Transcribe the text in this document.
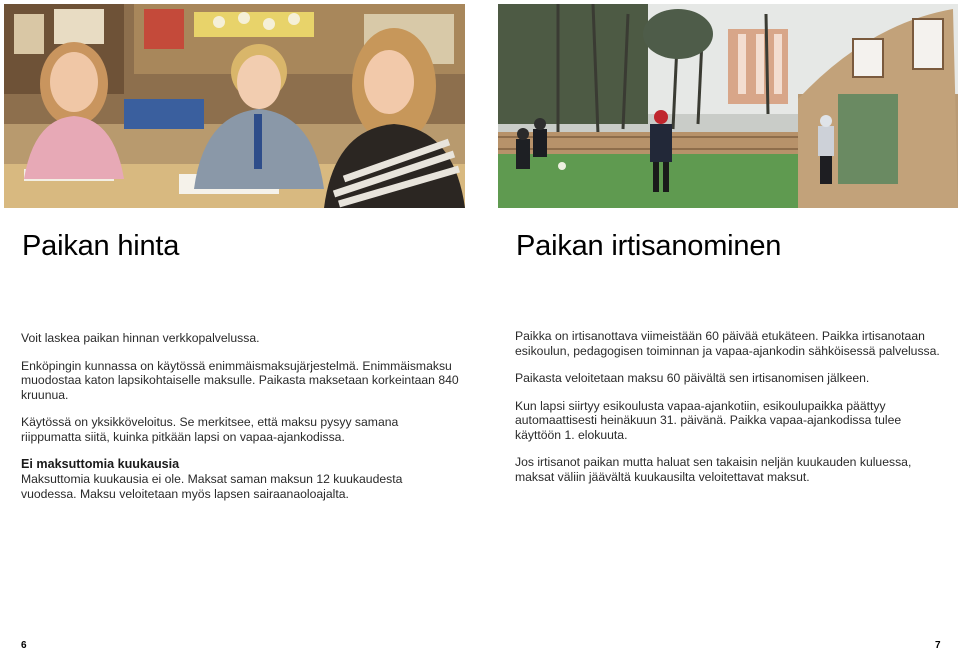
Paikan hinta	Paikan irtisanominen

Voit laskea paikan hinnan verkkopalvelussa.

Enköpingin kunnassa on käytössä enimmäismaksujärjestelmä. Enimmäismaksu muodostaa katon lapsikohtaiselle maksulle. Paikasta maksetaan korkeintaan 840 kruunua.

Käytössä on yksikköveloitus. Se merkitsee, että maksu pysyy samana riippumatta siitä, kuinka pitkään lapsi on vapaa-ajankodissa.

Ei maksuttomia kuukausia

Maksuttomia kuukausia ei ole. Maksat saman maksun 12 kuukaudesta vuodessa. Maksu veloitetaan myös lapsen sairaanaoloajalta.

Paikka on irtisanottava viimeistään 60 päivää etukäteen. Paikka irtisanotaan esikoulun, pedagogisen toiminnan ja vapaa-ajankodin sähköisessä palvelussa.

Paikasta veloitetaan maksu 60 päivältä sen irtisanomisen jälkeen.

Kun lapsi siirtyy esikoulusta vapaa-ajankotiin, esikoulupaikka päättyy automaattisesti heinäkuun 31. päivänä. Paikka vapaa-ajankodissa tulee käyttöön 1. elokuuta.

Jos irtisanot paikan mutta haluat sen takaisin neljän kuukauden kuluessa, maksat väliin jäävältä kuukausilta veloitettavat maksut.

6	7
